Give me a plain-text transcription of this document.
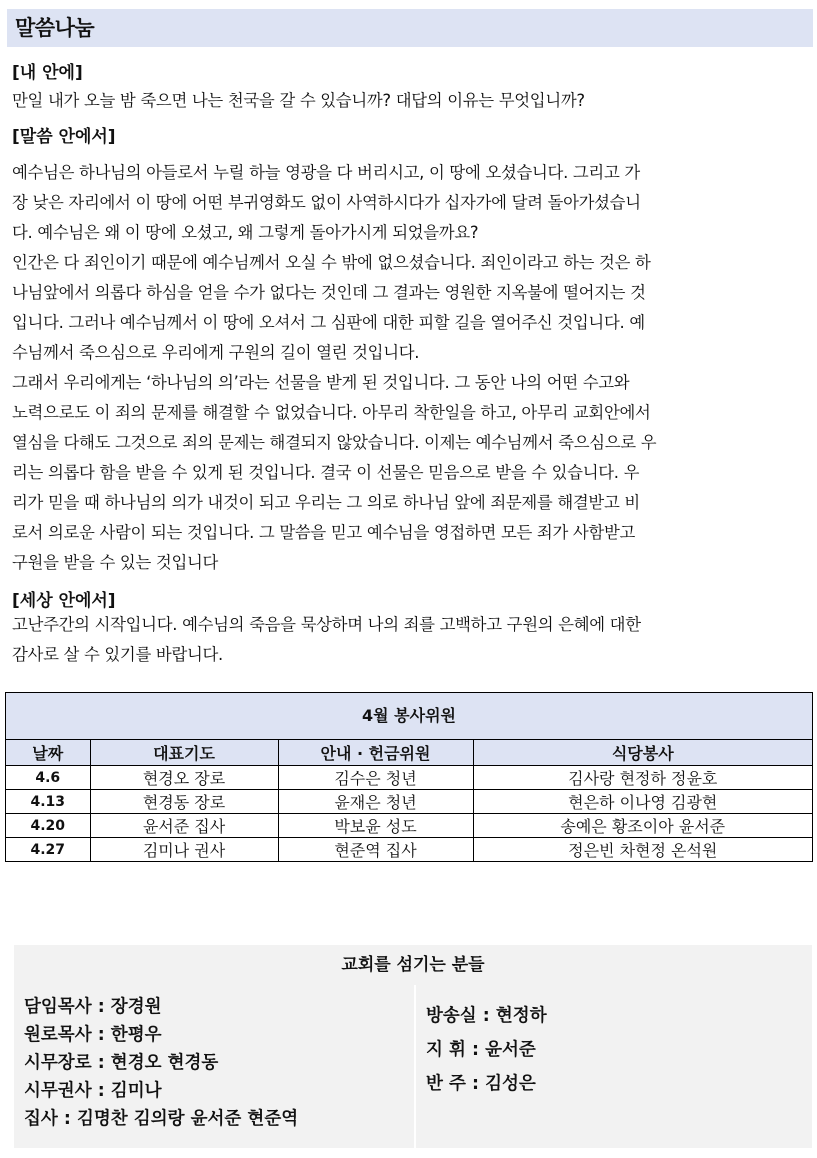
말씀나눔
[내 안에]
만일 내가 오늘 밤 죽으면 나는 천국을 갈 수 있습니까? 대답의 이유는 무엇입니까?
[말씀 안에서]
예수님은 하나님의 아들로서 누릴 하늘 영광을 다 버리시고, 이 땅에 오셨습니다. 그리고 가
장 낮은 자리에서 이 땅에 어떤 부귀영화도 없이 사역하시다가 십자가에 달려 돌아가셨습니
다. 예수님은 왜 이 땅에 오셨고, 왜 그렇게 돌아가시게 되었을까요?
인간은 다 죄인이기 때문에 예수님께서 오실 수 밖에 없으셨습니다. 죄인이라고 하는 것은 하
나님앞에서 의롭다 하심을 얻을 수가 없다는 것인데 그 결과는 영원한 지옥불에 떨어지는 것
입니다. 그러나 예수님께서 이 땅에 오셔서 그 심판에 대한 피할 길을 열어주신 것입니다. 예
수님께서 죽으심으로 우리에게 구원의 길이 열린 것입니다.
그래서 우리에게는 ‘하나님의 의’라는 선물을 받게 된 것입니다. 그 동안 나의 어떤 수고와
노력으로도 이 죄의 문제를 해결할 수 없었습니다. 아무리 착한일을 하고, 아무리 교회안에서
열심을 다해도 그것으로 죄의 문제는 해결되지 않았습니다. 이제는 예수님께서 죽으심으로 우
리는 의롭다 함을 받을 수 있게 된 것입니다. 결국 이 선물은 믿음으로 받을 수 있습니다. 우
리가 믿을 때 하나님의 의가 내것이 되고 우리는 그 의로 하나님 앞에 죄문제를 해결받고 비
로서 의로운 사람이 되는 것입니다. 그 말씀을 믿고 예수님을 영접하면 모든 죄가 사함받고
구원을 받을 수 있는 것입니다
[세상 안에서]
고난주간의 시작입니다. 예수님의 죽음을 묵상하며 나의 죄를 고백하고 구원의 은혜에 대한
감사로 살 수 있기를 바랍니다.
4월 봉사위원
날짜	대표기도	안내 · 헌금위원	식당봉사
4.6	현경오 장로	김수은 청년	김사랑 현정하 정윤호
4.13	현경동 장로	윤재은 청년	현은하 이나영 김광현
4.20	윤서준 집사	박보윤 성도	송예은 황조이아 윤서준
4.27	김미나 권사	현준역 집사	정은빈 차현정 온석원
교회를 섬기는 분들
담임목사 : 장경원
원로목사 : 한평우
시무장로 : 현경오 현경동
시무권사 : 김미나
집사 : 김명찬 김의랑 윤서준 현준역
방송실 : 현정하
지 휘 : 윤서준
반 주 : 김성은
